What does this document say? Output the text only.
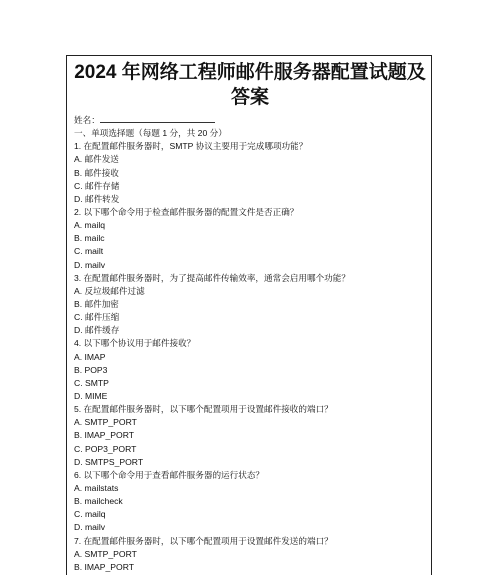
2024 年网络工程师邮件服务器配置试题及
答案
姓名：
一、单项选择题（每题 1 分，共 20 分）
1. 在配置邮件服务器时，SMTP 协议主要用于完成哪项功能？
A. 邮件发送
B. 邮件接收
C. 邮件存储
D. 邮件转发
2. 以下哪个命令用于检查邮件服务器的配置文件是否正确？
A. mailq
B. mailc
C. mailt
D. mailv
3. 在配置邮件服务器时，为了提高邮件传输效率，通常会启用哪个功能？
A. 反垃圾邮件过滤
B. 邮件加密
C. 邮件压缩
D. 邮件缓存
4. 以下哪个协议用于邮件接收？
A. IMAP
B. POP3
C. SMTP
D. MIME
5. 在配置邮件服务器时，以下哪个配置项用于设置邮件接收的端口？
A. SMTP_PORT
B. IMAP_PORT
C. POP3_PORT
D. SMTPS_PORT
6. 以下哪个命令用于查看邮件服务器的运行状态？
A. mailstats
B. mailcheck
C. mailq
D. mailv
7. 在配置邮件服务器时，以下哪个配置项用于设置邮件发送的端口？
A. SMTP_PORT
B. IMAP_PORT
